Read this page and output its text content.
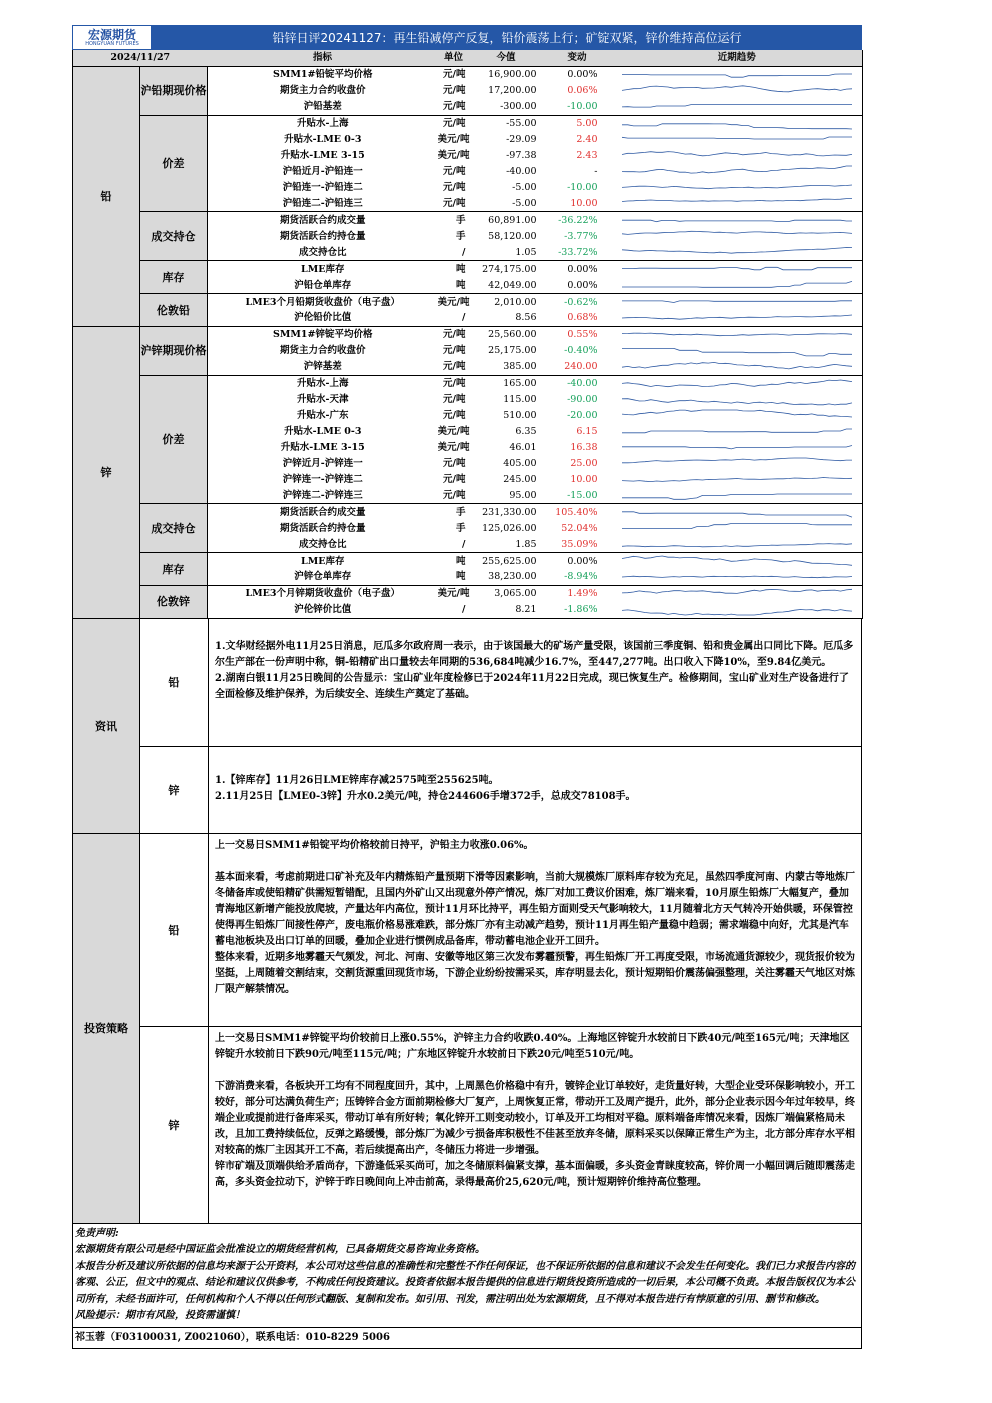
宏源期货
HONGYUAN FUTURES	铅锌日评20241127：再生铅减停产反复，铅价震荡上行；矿锭双紧，锌价维持高位运行
2024/11/27		指标	单位	今值	变动	近期趋势
铅	沪铅期现价格	SMM1#铅锭平均价格	元/吨	16,900.00	0.00%	

		期货主力合约收盘价	元/吨	17,200.00	0.06%	

		沪铅基差	元/吨	-300.00	-10.00	

	价差	升贴水-上海	元/吨	-55.00	5.00	

		升贴水-LME 0-3	美元/吨	-29.09	2.40	

		升贴水-LME 3-15	美元/吨	-97.38	2.43	

		沪铅近月-沪铅连一	元/吨	-40.00	-	

		沪铅连一-沪铅连二	元/吨	-5.00	-10.00	

		沪铅连二-沪铅连三	元/吨	-5.00	10.00	

	成交持仓	期货活跃合约成交量	手	60,891.00	-36.22%	

		期货活跃合约持仓量	手	58,120.00	-3.77%	

		成交持仓比	/	1.05	-33.72%	

	库存	LME库存	吨	274,175.00	0.00%	

		沪铅仓单库存	吨	42,049.00	0.00%	

	伦敦铅	LME3个月铅期货收盘价（电子盘）	美元/吨	2,010.00	-0.62%	

		沪伦铅价比值	/	8.56	0.68%	

锌	沪锌期现价格	SMM1#锌锭平均价格	元/吨	25,560.00	0.55%	

		期货主力合约收盘价	元/吨	25,175.00	-0.40%	

		沪锌基差	元/吨	385.00	240.00	

	价差	升贴水-上海	元/吨	165.00	-40.00	

		升贴水-天津	元/吨	115.00	-90.00	

		升贴水-广东	元/吨	510.00	-20.00	

		升贴水-LME 0-3	美元/吨	6.35	6.15	

		升贴水-LME 3-15	美元/吨	46.01	16.38	

		沪锌近月-沪锌连一	元/吨	405.00	25.00	

		沪锌连一-沪锌连二	元/吨	245.00	10.00	

		沪锌连二-沪锌连三	元/吨	95.00	-15.00	

	成交持仓	期货活跃合约成交量	手	231,330.00	105.40%	

		期货活跃合约持仓量	手	125,026.00	52.04%	

		成交持仓比	/	1.85	35.09%	

	库存	LME库存	吨	255,625.00	0.00%	

		沪锌仓单库存	吨	38,230.00	-8.94%	

	伦敦锌	LME3个月锌期货收盘价（电子盘）	美元/吨	3,065.00	1.49%	

		沪伦锌价比值	/	8.21	-1.86%	
资讯
铅
1.文华财经据外电11月25日消息，厄瓜多尔政府周一表示，由于该国最大的矿场产量受限，该国前三季度铜、铅和贵金属出口同比下降。厄瓜多尔生产部在一份声明中称，铜-铅精矿出口量较去年同期的536,684吨减少16.7%，至447,277吨。出口收入下降10%，至9.84亿美元。
2.湖南白银11月25日晚间的公告显示：宝山矿业年度检修已于2024年11月22日完成，现已恢复生产。检修期间，宝山矿业对生产设备进行了全面检修及维护保养，为后续安全、连续生产奠定了基础。
锌
1.【锌库存】11月26日LME锌库存减2575吨至255625吨。
2.11月25日【LME0-3锌】升水0.2美元/吨，持仓244606手增372手，总成交78108手。
投资策略
铅
上一交易日SMM1#铅锭平均价格较前日持平，沪铅主力收涨0.06%。

基本面来看，考虑前期进口矿补充及年内精炼铅产量预期下滑等因素影响，当前大规模炼厂原料库存较为充足，虽然四季度河南、内蒙古等地炼厂冬储备库或使铅精矿供需短暂错配，且国内外矿山又出现意外停产情况，炼厂对加工费议价困难，炼厂端来看，10月原生铅炼厂大幅复产，叠加青海地区新增产能投放爬坡，产量达年内高位，预计11月环比持平，再生铅方面则受天气影响较大，11月随着北方天气转冷开始供暖，环保管控使得再生铅炼厂间接性停产，废电瓶价格易涨难跌，部分炼厂亦有主动减产趋势，预计11月再生铅产量稳中趋弱；需求端稳中向好，尤其是汽车蓄电池板块及出口订单的回暖，叠加企业进行惯例成品备库，带动蓄电池企业开工回升。
整体来看，近期多地雾霾天气频发，河北、河南、安徽等地区第三次发布雾霾预警，再生铅炼厂开工再度受限，市场流通货源较少，现货报价较为坚挺，上周随着交割结束，交割货源重回现货市场，下游企业纷纷按需采买，库存明显去化，预计短期铅价震荡偏强整理，关注雾霾天气地区对炼厂限产解禁情况。
锌
上一交易日SMM1#锌锭平均价较前日上涨0.55%，沪锌主力合约收跌0.40%。上海地区锌锭升水较前日下跌40元/吨至165元/吨；天津地区锌锭升水较前日下跌90元/吨至115元/吨；广东地区锌锭升水较前日下跌20元/吨至510元/吨。

下游消费来看，各板块开工均有不同程度回升，其中，上周黑色价格稳中有升，镀锌企业订单较好，走货量好转，大型企业受环保影响较小，开工较好，部分可达满负荷生产；压铸锌合金方面前期检修大厂复产，上周恢复正常，带动开工及周产提升，此外，部分企业表示因今年过年较早，终端企业或提前进行备库采买，带动订单有所好转；氧化锌开工则变动较小，订单及开工均相对平稳。原料端备库情况来看，因炼厂端偏紧格局未改，且加工费持续低位，反弹之路缓慢，部分炼厂为减少亏损备库积极性不佳甚至放弃冬储，原料采买以保障正常生产为主，北方部分库存水平相对较高的炼厂主因其开工不高，若后续提高出产，冬储压力将进一步增强。
锌市矿端及顶端供给矛盾尚存，下游逢低采买尚可，加之冬储原料偏紧支撑，基本面偏暖，多头资金青睐度较高，锌价周一小幅回调后随即震荡走高，多头资金拉动下，沪锌于昨日晚间向上冲击前高，录得最高价25,620元/吨，预计短期锌价维持高位整理。
免责声明:
宏源期货有限公司是经中国证监会批准设立的期货经营机构，已具备期货交易咨询业务资格。
本报告分析及建议所依据的信息均来源于公开资料，本公司对这些信息的准确性和完整性不作任何保证，也不保证所依据的信息和建议不会发生任何变化。我们已力求报告内容的客观、公正，但文中的观点、结论和建议仅供参考，不构成任何投资建议。投资者依据本报告提供的信息进行期货投资所造成的一切后果，本公司概不负责。本报告版权仅为本公司所有，未经书面许可，任何机构和个人不得以任何形式翻版、复制和发布。如引用、刊发，需注明出处为宏源期货，且不得对本报告进行有悖原意的引用、删节和修改。
风险提示：期市有风险，投资需谨慎！
祁玉蓉（F03100031, Z0021060），联系电话：010-8229 5006
